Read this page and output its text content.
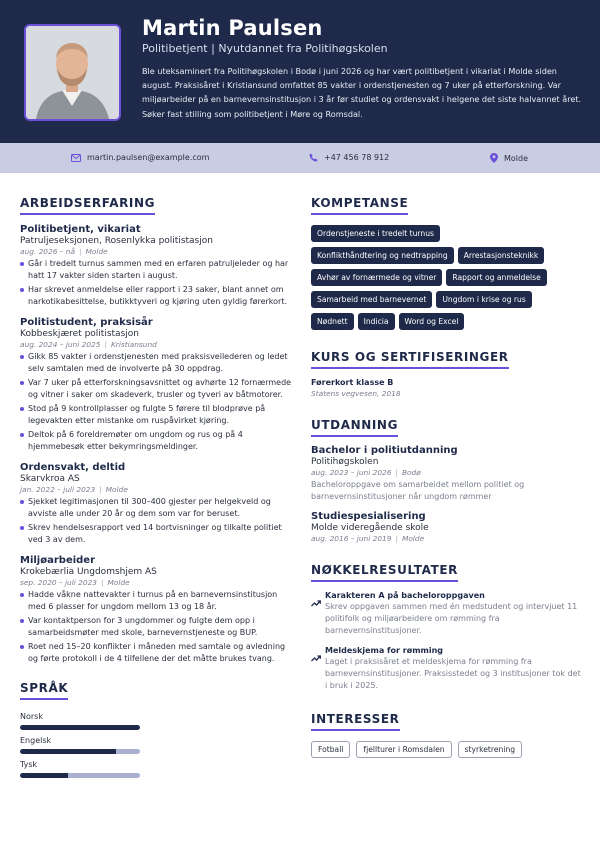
Martin Paulsen
Politibetjent | Nyutdannet fra Politihøgskolen
Ble uteksaminert fra Politihøgskolen i Bodø i juni 2026 og har vært politibetjent i vikariat i Molde siden august. Praksisåret i Kristiansund omfattet 85 vakter i ordenstjenesten og 7 uker på etterforskning. Var miljøarbeider på en barnevernsinstitusjon i 3 år før studiet og ordensvakt i helgene det siste halvannet året. Søker fast stilling som politibetjent i Møre og Romsdal.
martin.paulsen@example.com	+47 456 78 912	Molde
ARBEIDSERFARING
Politibetjent, vikariat
Patruljeseksjonen, Rosenlykka politistasjon
aug. 2026 – nå | Molde
Går i tredelt turnus sammen med en erfaren patruljeleder og har hatt 17 vakter siden starten i august.
Har skrevet anmeldelse eller rapport i 23 saker, blant annet om narkotikabesittelse, butikktyveri og kjøring uten gyldig førerkort.
Politistudent, praksisår
Kobbeskjæret politistasjon
aug. 2024 – juni 2025 | Kristiansund
Gikk 85 vakter i ordenstjenesten med praksisveilederen og ledet selv samtalen med de involverte på 30 oppdrag.
Var 7 uker på etterforskningsavsnittet og avhørte 12 fornærmede og vitner i saker om skadeverk, trusler og tyveri av båtmotorer.
Stod på 9 kontrollplasser og fulgte 5 førere til blodprøve på legevakten etter mistanke om ruspåvirket kjøring.
Deltok på 6 foreldremøter om ungdom og rus og på 4 hjemmebesøk etter bekymringsmeldinger.
Ordensvakt, deltid
Skarvkroa AS
jan. 2022 – juli 2023 | Molde
Sjekket legitimasjonen til 300–400 gjester per helgekveld og avviste alle under 20 år og dem som var for beruset.
Skrev hendelsesrapport ved 14 bortvisninger og tilkalte politiet ved 3 av dem.
Miljøarbeider
Krokebærlia Ungdomshjem AS
sep. 2020 – juli 2023 | Molde
Hadde våkne nattevakter i turnus på en barnevernsinstitusjon med 6 plasser for ungdom mellom 13 og 18 år.
Var kontaktperson for 3 ungdommer og fulgte dem opp i samarbeidsmøter med skole, barnevernstjeneste og BUP.
Roet ned 15–20 konflikter i måneden med samtale og avledning og førte protokoll i de 4 tilfellene der det måtte brukes tvang.
SPRÅK
Norsk
Engelsk
Tysk
KOMPETANSE
Ordenstjeneste i tredelt turnus
Konflikthåndtering og nedtrapping	Arrestasjonsteknikk
Avhør av fornærmede og vitner	Rapport og anmeldelse
Samarbeid med barnevernet	Ungdom i krise og rus
Nødnett	Indicia	Word og Excel
KURS OG SERTIFISERINGER
Førerkort klasse B
Statens vegvesen, 2018
UTDANNING
Bachelor i politiutdanning
Politihøgskolen
aug. 2023 – juni 2026 | Bodø
Bacheloroppgave om samarbeidet mellom politiet og barnevernsinstitusjoner når ungdom rømmer
Studiespesialisering
Molde videregående skole
aug. 2016 – juni 2019 | Molde
NØKKELRESULTATER
Karakteren A på bacheloroppgaven
Skrev oppgaven sammen med én medstudent og intervjuet 11 politifolk og miljøarbeidere om rømming fra barnevernsinstitusjoner.
Meldeskjema for rømming
Laget i praksisåret et meldeskjema for rømming fra barnevernsinstitusjoner. Praksisstedet og 3 institusjoner tok det i bruk i 2025.
INTERESSER
Fotball	fjellturer i Romsdalen	styrketrening
